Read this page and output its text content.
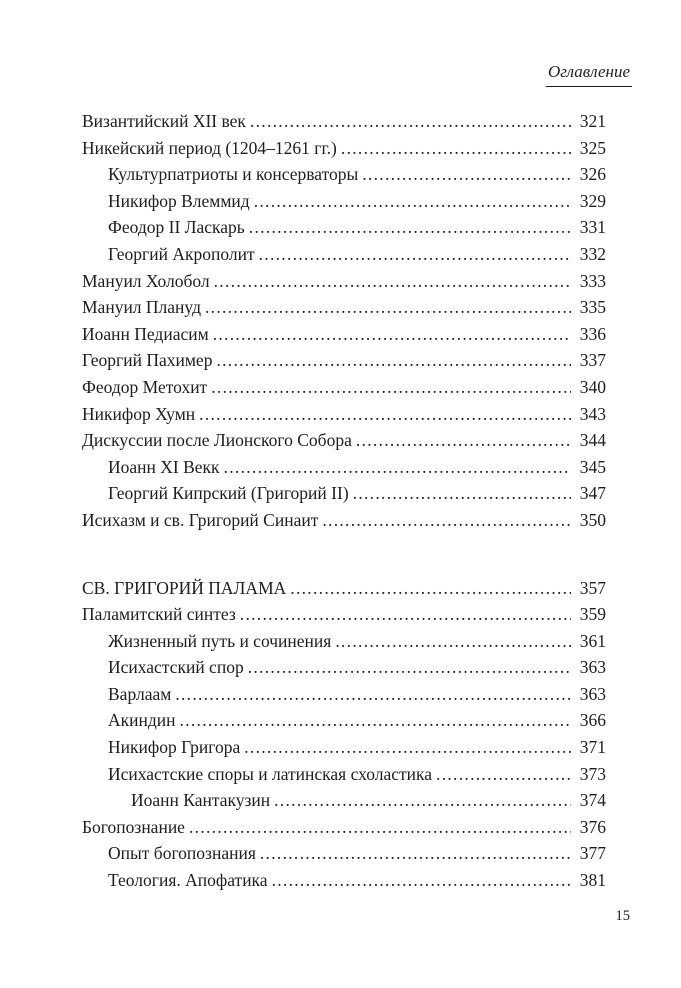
Оглавление
Византийский XII век .....	321
Никейский период (1204–1261 гг.) .....	325
Культурпатриоты и консерваторы .....	326
Никифор Влеммид .....	329
Феодор II Ласкарь .....	331
Георгий Акрополит .....	332
Мануил Холобол .....	333
Мануил Плануд .....	335
Иоанн Педиасим .....	336
Георгий Пахимер .....	337
Феодор Метохит .....	340
Никифор Хумн .....	343
Дискуссии после Лионского Собора .....	344
Иоанн XI Векк .....	345
Георгий Кипрский (Григорий II) .....	347
Исихазм и св. Григорий Синаит .....	350
СВ. ГРИГОРИЙ ПАЛАМА .....	357
Паламитский синтез .....	359
Жизненный путь и сочинения .....	361
Исихастский спор .....	363
Варлаам .....	363
Акиндин .....	366
Никифор Григора .....	371
Исихастские споры и латинская схоластика .....	373
Иоанн Кантакузин .....	374
Богопознание .....	376
Опыт богопознания .....	377
Теология. Апофатика .....	381
15
